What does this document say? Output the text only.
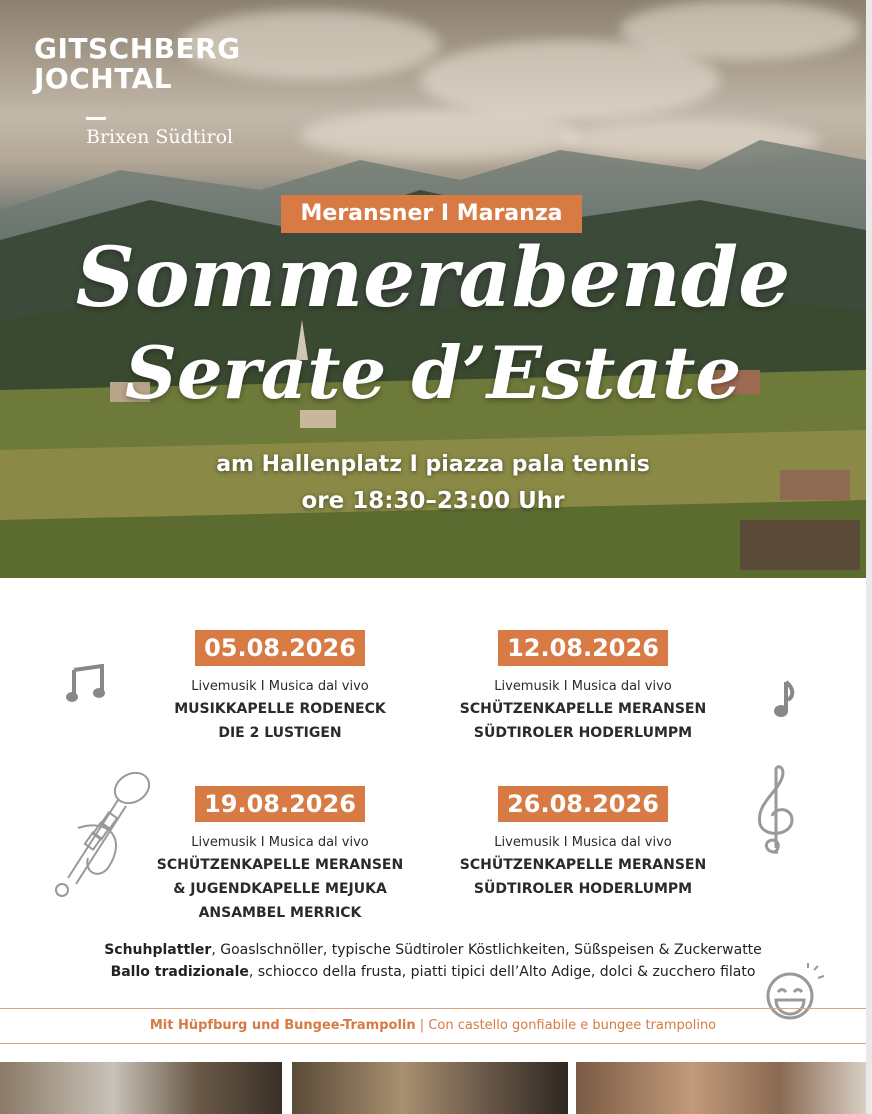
GITSCHBERG
JOCHTAL
Brixen Südtirol
Meransner I Maranza
Sommerabende
Serate d’Estate
am Hallenplatz I piazza pala tennis
ore 18:30–23:00 Uhr
05.08.2026
Livemusik I Musica dal vivo
MUSIKKAPELLE RODENECK
DIE 2 LUSTIGEN
12.08.2026
Livemusik I Musica dal vivo
SCHÜTZENKAPELLE MERANSEN
SÜDTIROLER HODERLUMPM
19.08.2026
Livemusik I Musica dal vivo
SCHÜTZENKAPELLE MERANSEN
& JUGENDKAPELLE MEJUKA
ANSAMBEL MERRICK
26.08.2026
Livemusik I Musica dal vivo
SCHÜTZENKAPELLE MERANSEN
SÜDTIROLER HODERLUMPM
Schuhplattler, Goaslschnöller, typische Südtiroler Köstlichkeiten, Süßspeisen & Zuckerwatte
Ballo tradizionale, schiocco della frusta, piatti tipici dell’Alto Adige, dolci & zucchero filato
Mit Hüpfburg und Bungee-Trampolin | Con castello gonfiabile e bungee trampolino
